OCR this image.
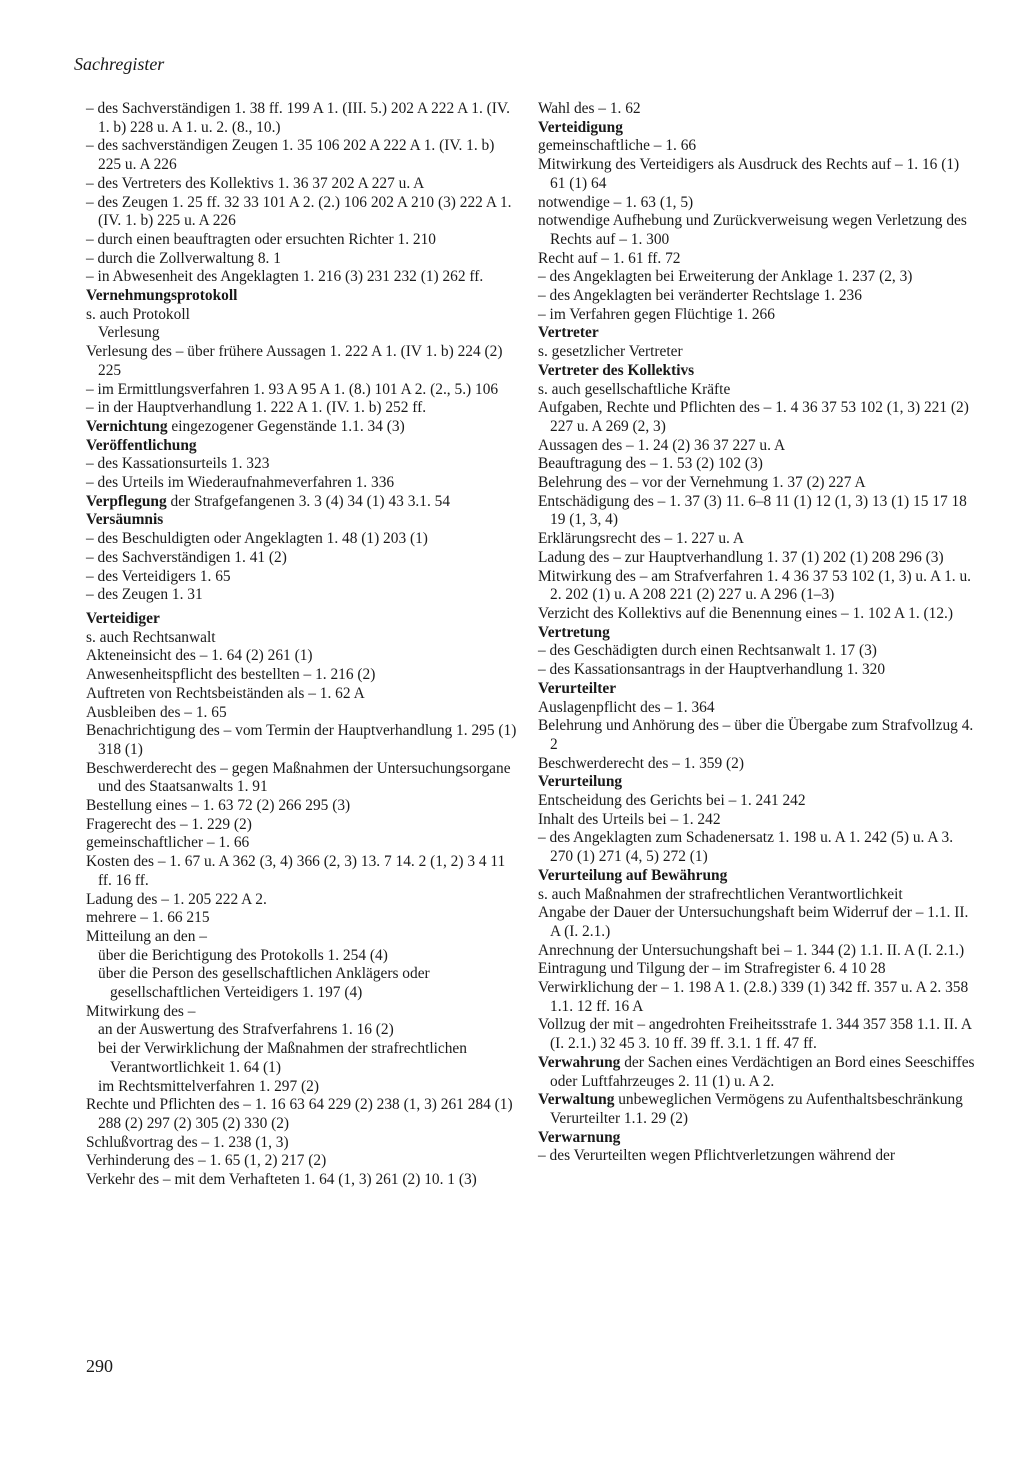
Sachregister

– des Sachverständigen 1. 38 ff. 199 A 1. (III. 5.) 202 A 222 A 1. (IV. 1. b) 228 u. A 1. u. 2. (8., 10.)

– des sachverständigen Zeugen 1. 35 106 202 A 222 A 1. (IV. 1. b) 225 u. A 226

– des Vertreters des Kollektivs 1. 36 37 202 A 227 u. A

– des Zeugen 1. 25 ff. 32 33 101 A 2. (2.) 106 202 A 210 (3) 222 A 1. (IV. 1. b) 225 u. A 226

– durch einen beauftragten oder ersuchten Richter 1. 210

– durch die Zollverwaltung 8. 1

– in Abwesenheit des Angeklagten 1. 216 (3) 231 232 (1) 262 ff.

Vernehmungsprotokoll

s. auch Protokoll

Verlesung

Verlesung des – über frühere Aussagen 1. 222 A 1. (IV 1. b) 224 (2) 225

– im Ermittlungsverfahren 1. 93 A 95 A 1. (8.) 101 A 2. (2., 5.) 106

– in der Hauptverhandlung 1. 222 A 1. (IV. 1. b) 252 ff.

Vernichtung eingezogener Gegenstände 1.1. 34 (3)

Veröffentlichung

– des Kassationsurteils 1. 323

– des Urteils im Wiederaufnahmeverfahren 1. 336

Verpflegung der Strafgefangenen 3. 3 (4) 34 (1) 43 3.1. 54

Versäumnis

– des Beschuldigten oder Angeklagten 1. 48 (1) 203 (1)

– des Sachverständigen 1. 41 (2)

– des Verteidigers 1. 65

– des Zeugen 1. 31

Verteidiger

s. auch Rechtsanwalt

Akteneinsicht des – 1. 64 (2) 261 (1)

Anwesenheitspflicht des bestellten – 1. 216 (2)

Auftreten von Rechtsbeiständen als – 1. 62 A

Ausbleiben des – 1. 65

Benachrichtigung des – vom Termin der Hauptverhandlung 1. 295 (1) 318 (1)

Beschwerderecht des – gegen Maßnahmen der Untersuchungsorgane und des Staatsanwalts 1. 91

Bestellung eines – 1. 63 72 (2) 266 295 (3)

Fragerecht des – 1. 229 (2)

gemeinschaftlicher – 1. 66

Kosten des – 1. 67 u. A 362 (3, 4) 366 (2, 3) 13. 7 14. 2 (1, 2) 3 4 11 ff. 16 ff.

Ladung des – 1. 205 222 A 2.

mehrere – 1. 66 215

Mitteilung an den –

über die Berichtigung des Protokolls 1. 254 (4)

über die Person des gesellschaftlichen Anklägers oder gesellschaftlichen Verteidigers 1. 197 (4)

Mitwirkung des –

an der Auswertung des Strafverfahrens 1. 16 (2)

bei der Verwirklichung der Maßnahmen der strafrechtlichen Verantwortlichkeit 1. 64 (1)

im Rechtsmittelverfahren 1. 297 (2)

Rechte und Pflichten des – 1. 16 63 64 229 (2) 238 (1, 3) 261 284 (1) 288 (2) 297 (2) 305 (2) 330 (2)

Schlußvortrag des – 1. 238 (1, 3)

Verhinderung des – 1. 65 (1, 2) 217 (2)

Verkehr des – mit dem Verhafteten 1. 64 (1, 3) 261 (2) 10. 1 (3)

Wahl des – 1. 62

Verteidigung

gemeinschaftliche – 1. 66

Mitwirkung des Verteidigers als Ausdruck des Rechts auf – 1. 16 (1) 61 (1) 64

notwendige – 1. 63 (1, 5)

notwendige Aufhebung und Zurückverweisung wegen Verletzung des Rechts auf – 1. 300

Recht auf – 1. 61 ff. 72

– des Angeklagten bei Erweiterung der Anklage 1. 237 (2, 3)

– des Angeklagten bei veränderter Rechtslage 1. 236

– im Verfahren gegen Flüchtige 1. 266

Vertreter

s. gesetzlicher Vertreter

Vertreter des Kollektivs

s. auch gesellschaftliche Kräfte

Aufgaben, Rechte und Pflichten des – 1. 4 36 37 53 102 (1, 3) 221 (2) 227 u. A 269 (2, 3)

Aussagen des – 1. 24 (2) 36 37 227 u. A

Beauftragung des – 1. 53 (2) 102 (3)

Belehrung des – vor der Vernehmung 1. 37 (2) 227 A

Entschädigung des – 1. 37 (3) 11. 6–8 11 (1) 12 (1, 3) 13 (1) 15 17 18 19 (1, 3, 4)

Erklärungsrecht des – 1. 227 u. A

Ladung des – zur Hauptverhandlung 1. 37 (1) 202 (1) 208 296 (3)

Mitwirkung des – am Strafverfahren 1. 4 36 37 53 102 (1, 3) u. A 1. u. 2. 202 (1) u. A 208 221 (2) 227 u. A 296 (1–3)

Verzicht des Kollektivs auf die Benennung eines – 1. 102 A 1. (12.)

Vertretung

– des Geschädigten durch einen Rechtsanwalt 1. 17 (3)

– des Kassationsantrags in der Hauptverhandlung 1. 320

Verurteilter

Auslagenpflicht des – 1. 364

Belehrung und Anhörung des – über die Übergabe zum Strafvollzug 4. 2

Beschwerderecht des – 1. 359 (2)

Verurteilung

Entscheidung des Gerichts bei – 1. 241 242

Inhalt des Urteils bei – 1. 242

– des Angeklagten zum Schadenersatz 1. 198 u. A 1. 242 (5) u. A 3. 270 (1) 271 (4, 5) 272 (1)

Verurteilung auf Bewährung

s. auch Maßnahmen der strafrechtlichen Verantwortlichkeit

Angabe der Dauer der Untersuchungshaft beim Widerruf der – 1.1. II. A (I. 2.1.)

Anrechnung der Untersuchungshaft bei – 1. 344 (2) 1.1. II. A (I. 2.1.)

Eintragung und Tilgung der – im Strafregister 6. 4 10 28

Verwirklichung der – 1. 198 A 1. (2.8.) 339 (1) 342 ff. 357 u. A 2. 358 1.1. 12 ff. 16 A

Vollzug der mit – angedrohten Freiheitsstrafe 1. 344 357 358 1.1. II. A (I. 2.1.) 32 45 3. 10 ff. 39 ff. 3.1. 1 ff. 47 ff.

Verwahrung der Sachen eines Verdächtigen an Bord eines Seeschiffes oder Luftfahrzeuges 2. 11 (1) u. A 2.

Verwaltung unbeweglichen Vermögens zu Aufenthaltsbeschränkung Verurteilter 1.1. 29 (2)

Verwarnung

– des Verurteilten wegen Pflichtverletzungen während der

290
